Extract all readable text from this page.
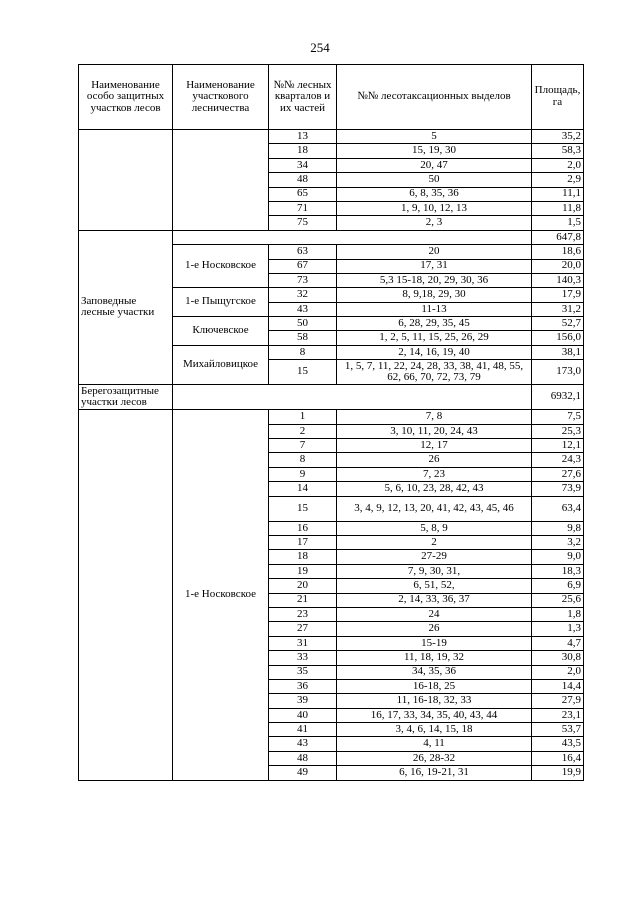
254
Наименование особо защитных участков лесов	Наименование участкового лесничества	№№ лесных кварталов и их частей	№№ лесотаксационных выделов	Площадь, га
		13	5	35,2
		18	15, 19, 30	58,3
		34	20, 47	2,0
		48	50	2,9
		65	6, 8, 35, 36	11,1
		71	1, 9, 10, 12, 13	11,8
		75	2, 3	1,5
Заповедные лесные участки				647,8
	1-е Носковское	63	20	18,6
		67	17, 31	20,0
		73	5,3 15-18, 20, 29, 30, 36	140,3
	1-е Пыщугское	32	8, 9,18, 29, 30	17,9
		43	11-13	31,2
	Ключевское	50	6, 28, 29, 35, 45	52,7
		58	1, 2, 5, 11, 15, 25, 26, 29	156,0
	Михайловицкое	8	2, 14, 16, 19, 40	38,1
		15	1, 5, 7, 11, 22, 24, 28, 33, 38, 41, 48, 55, 62, 66, 70, 72, 73, 79	173,0
Берегозащитные участки лесов				6932,1
	1-е Носковское	1	7, 8	7,5
		2	3, 10, 11, 20, 24, 43	25,3
		7	12, 17	12,1
		8	26	24,3
		9	7, 23	27,6
		14	5, 6, 10, 23, 28, 42, 43	73,9
		15	3, 4, 9, 12, 13, 20, 41, 42, 43, 45, 46	63,4
		16	5, 8, 9	9,8
		17	2	3,2
		18	27-29	9,0
		19	7, 9, 30, 31,	18,3
		20	6, 51, 52,	6,9
		21	2, 14, 33, 36, 37	25,6
		23	24	1,8
		27	26	1,3
		31	15-19	4,7
		33	11, 18, 19, 32	30,8
		35	34, 35, 36	2,0
		36	16-18, 25	14,4
		39	11, 16-18, 32, 33	27,9
		40	16, 17, 33, 34, 35, 40, 43, 44	23,1
		41	3, 4, 6, 14, 15, 18	53,7
		43	4, 11	43,5
		48	26, 28-32	16,4
		49	6, 16, 19-21, 31	19,9
